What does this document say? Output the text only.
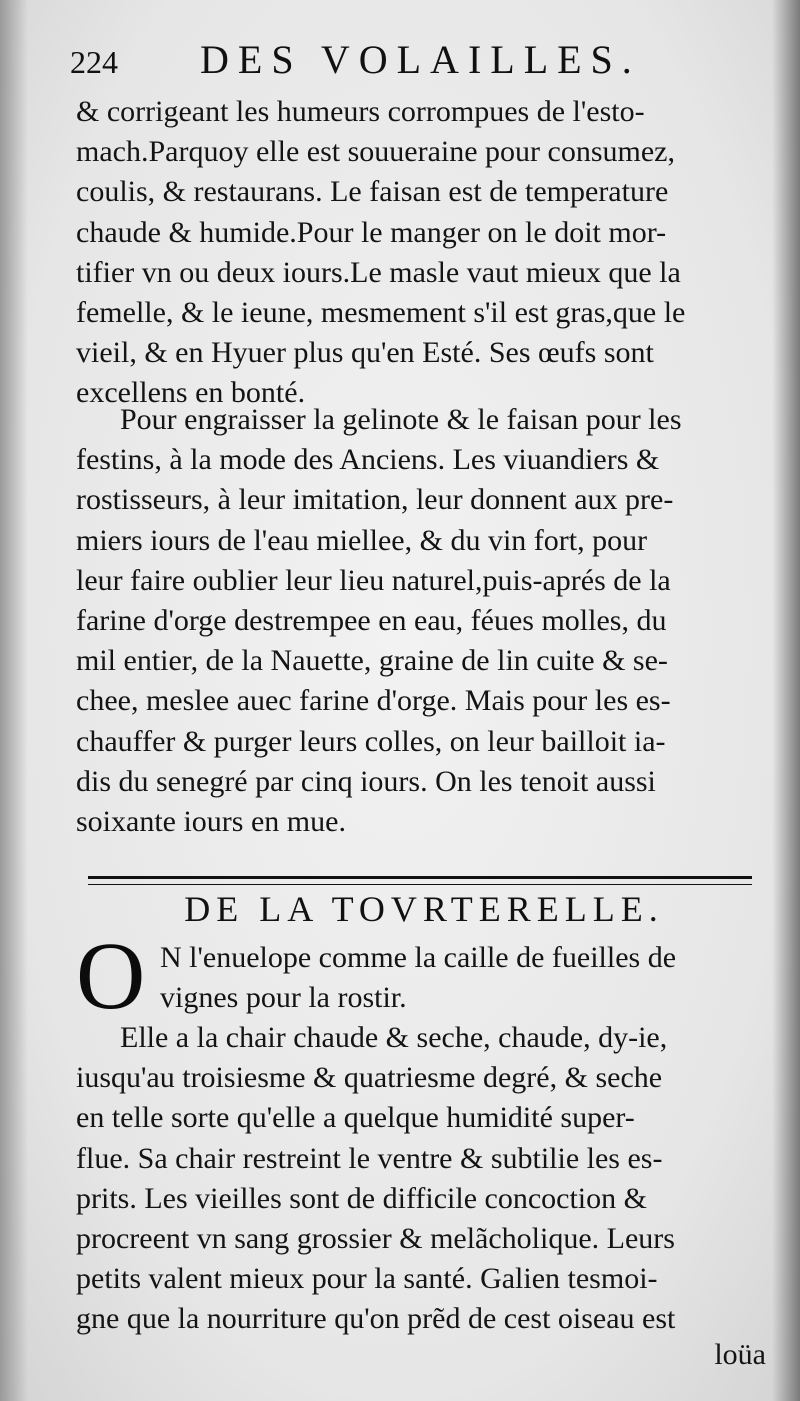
224 DES VOLAILLES.
& corrigeant les humeurs corrompues de l'esto-
mach.Parquoy elle est souueraine pour consumez,
coulis, & restaurans. Le faisan est de temperature
chaude & humide.Pour le manger on le doit mor-
tifier vn ou deux iours.Le masle vaut mieux que la
femelle, & le ieune, mesmement s'il est gras,que le
vieil, & en Hyuer plus qu'en Esté. Ses œufs sont
excellens en bonté.
Pour engraisser la gelinote & le faisan pour les
festins, à la mode des Anciens. Les viuandiers &
rostisseurs, à leur imitation, leur donnent aux pre-
miers iours de l'eau miellee, & du vin fort, pour
leur faire oublier leur lieu naturel,puis-aprés de la
farine d'orge destrempee en eau, féues molles, du
mil entier, de la Nauette, graine de lin cuite & se-
chee, meslee auec farine d'orge. Mais pour les es-
chauffer & purger leurs colles, on leur bailloit ia-
dis du senegré par cinq iours. On les tenoit aussi
soixante iours en mue.
DE LA TOVRTERELLE.
O N l'enuelope comme la caille de fueilles de
vignes pour la rostir.
Elle a la chair chaude & seche, chaude, dy-ie,
iusqu'au troisiesme & quatriesme degré, & seche
en telle sorte qu'elle a quelque humidité super-
flue. Sa chair restreint le ventre & subtilie les es-
prits. Les vieilles sont de difficile concoction &
procreent vn sang grossier & melãcholique. Leurs
petits valent mieux pour la santé. Galien tesmoi-
gne que la nourriture qu'on prẽd de cest oiseau est
loüa
